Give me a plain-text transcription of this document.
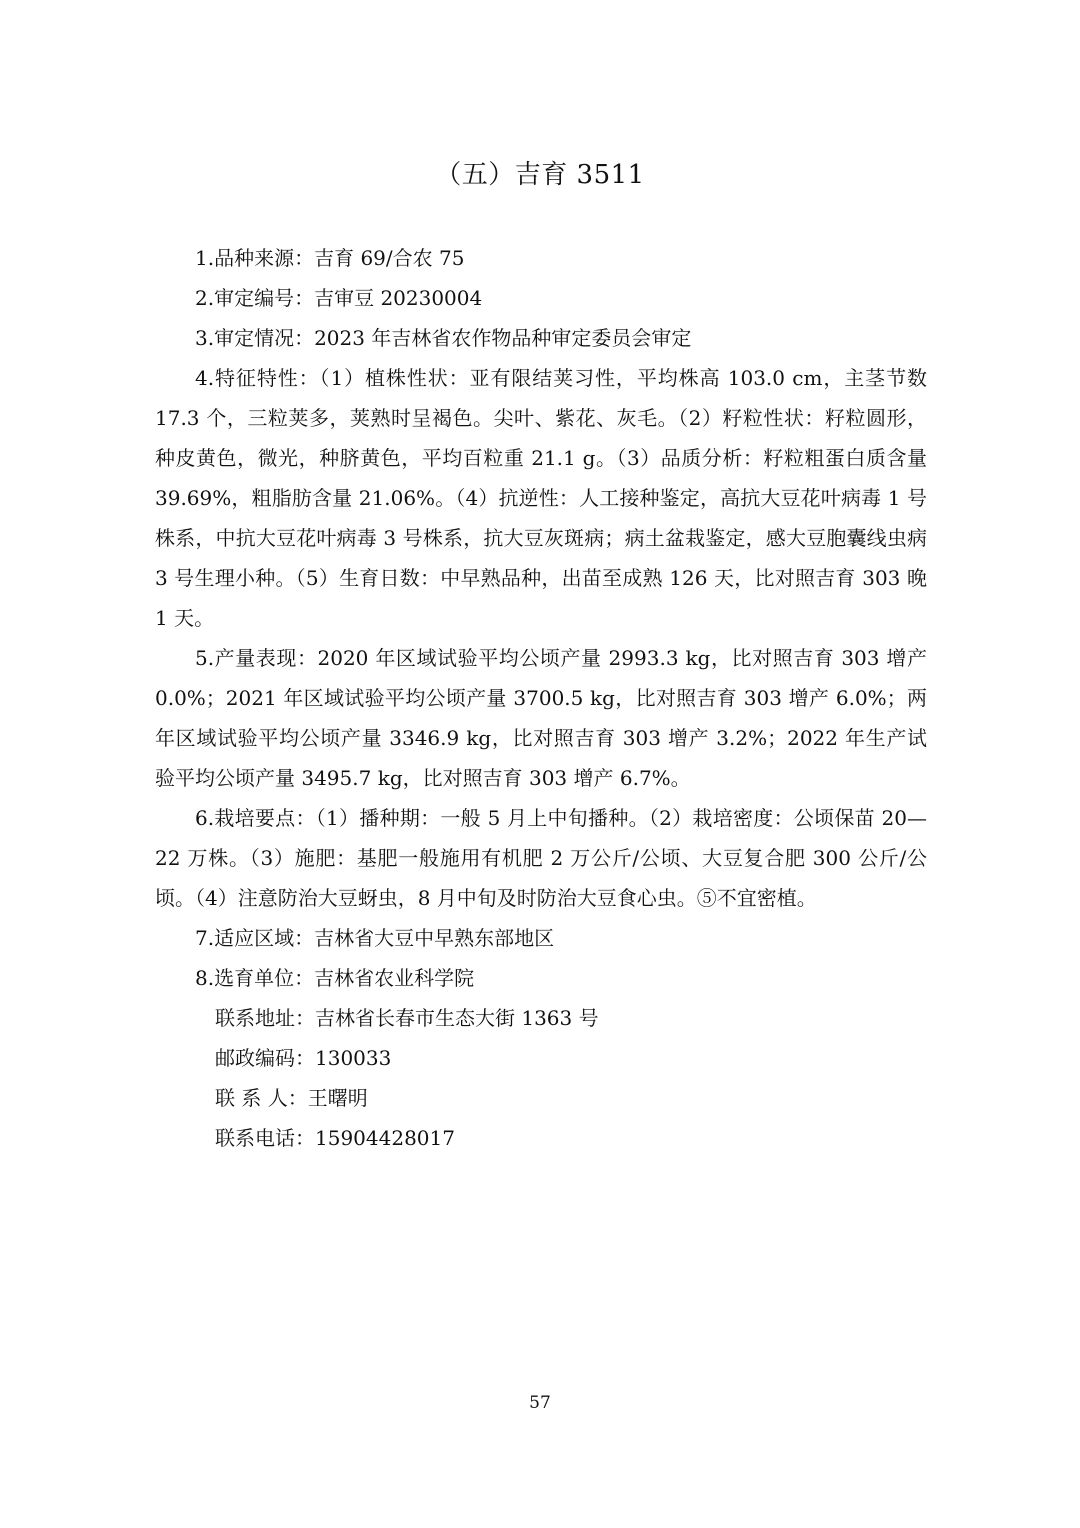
（五）吉育 3511

1.品种来源：吉育 69/合农 75

2.审定编号：吉审豆 20230004

3.审定情况：2023 年吉林省农作物品种审定委员会审定

4.特征特性：（1）植株性状：亚有限结荚习性，平均株高 103.0 cm，主茎节数 17.3 个，三粒荚多，荚熟时呈褐色。尖叶、紫花、灰毛。（2）籽粒性状：籽粒圆形，种皮黄色，微光，种脐黄色，平均百粒重 21.1 g。（3）品质分析：籽粒粗蛋白质含量 39.69%，粗脂肪含量 21.06%。（4）抗逆性：人工接种鉴定，高抗大豆花叶病毒 1 号株系，中抗大豆花叶病毒 3 号株系，抗大豆灰斑病；病土盆栽鉴定，感大豆胞囊线虫病 3 号生理小种。（5）生育日数：中早熟品种，出苗至成熟 126 天，比对照吉育 303 晚 1 天。

5.产量表现：2020 年区域试验平均公顷产量 2993.3 kg，比对照吉育 303 增产 0.0%；2021 年区域试验平均公顷产量 3700.5 kg，比对照吉育 303 增产 6.0%；两年区域试验平均公顷产量 3346.9 kg，比对照吉育 303 增产 3.2%；2022 年生产试验平均公顷产量 3495.7 kg，比对照吉育 303 增产 6.7%。

6.栽培要点：（1）播种期：一般 5 月上中旬播种。（2）栽培密度：公顷保苗 20—22 万株。（3）施肥：基肥一般施用有机肥 2 万公斤/公顷、大豆复合肥 300 公斤/公顷。（4）注意防治大豆蚜虫，8 月中旬及时防治大豆食心虫。⑤不宜密植。

7.适应区域：吉林省大豆中早熟东部地区

8.选育单位：吉林省农业科学院

联系地址：吉林省长春市生态大街 1363 号

邮政编码：130033

联 系 人：王曙明

联系电话：15904428017

57
